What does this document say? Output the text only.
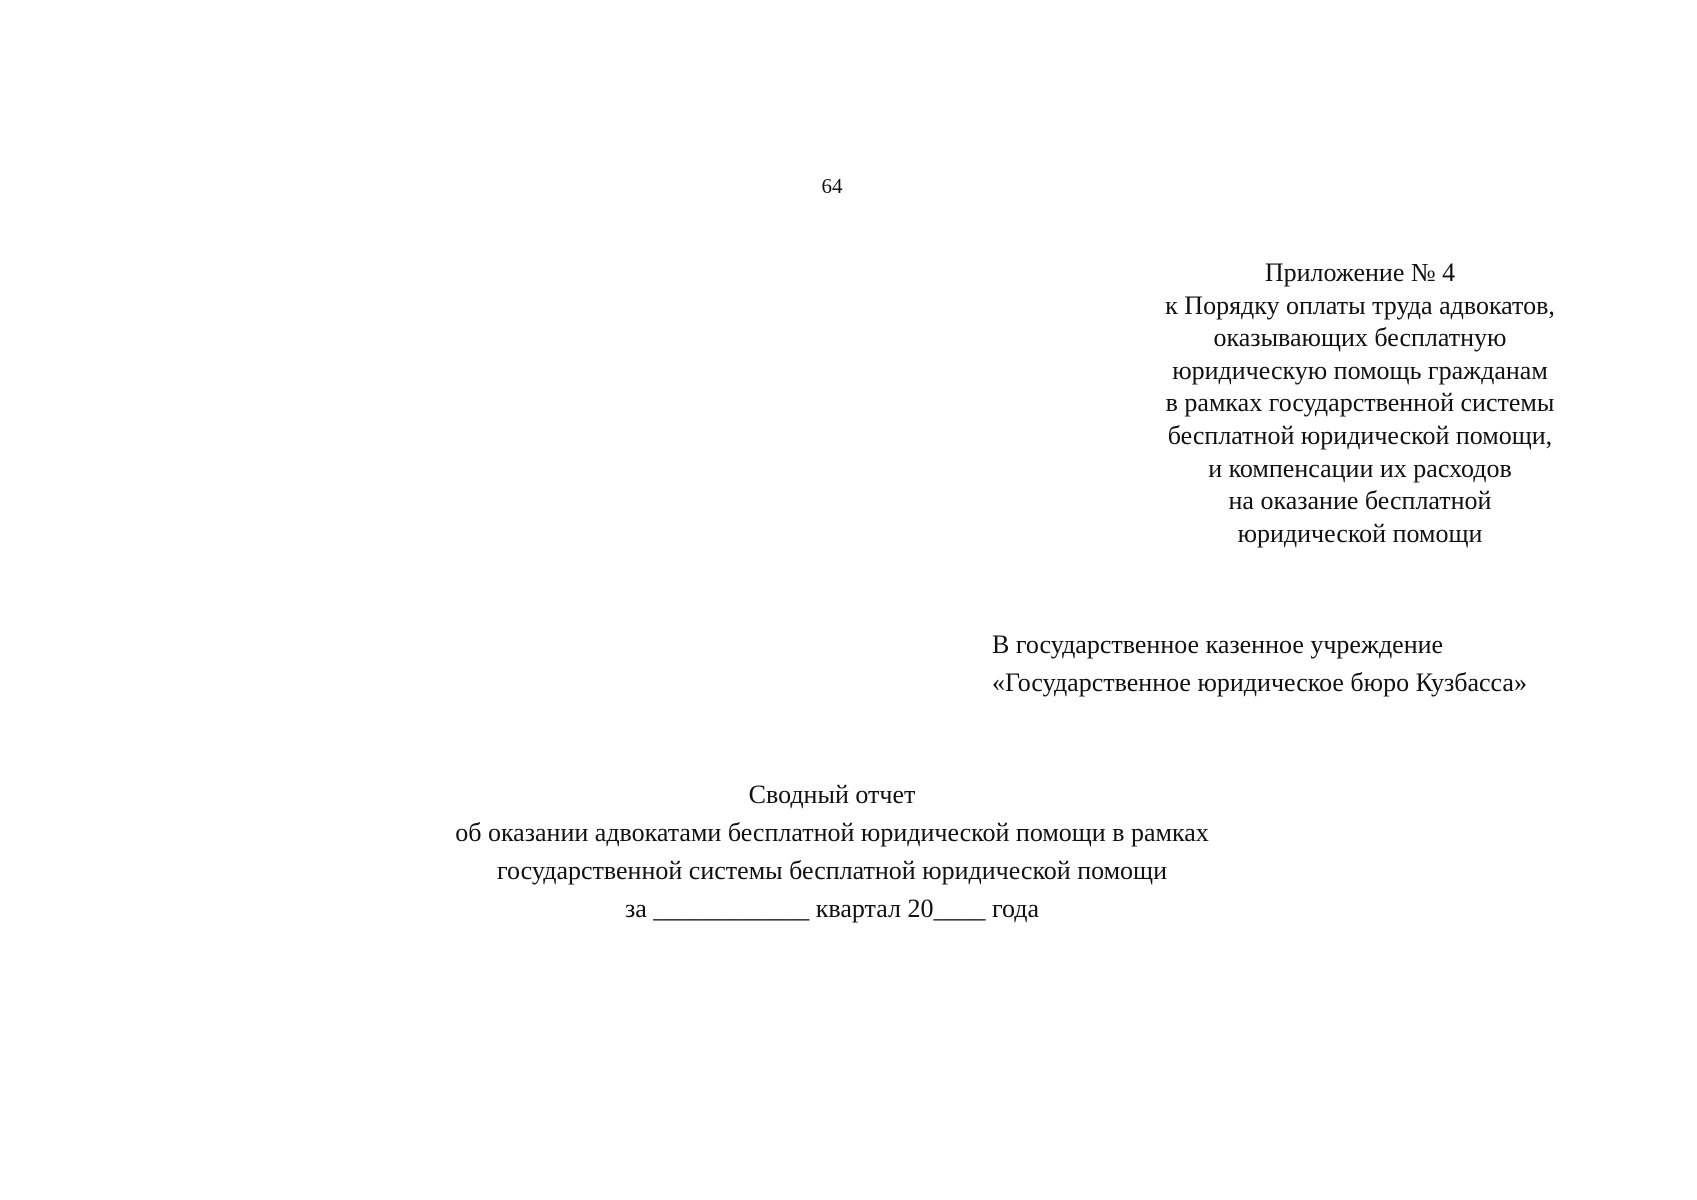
64
Приложение № 4
к Порядку оплаты труда адвокатов,
оказывающих бесплатную
юридическую помощь гражданам
в рамках государственной системы
бесплатной юридической помощи,
и компенсации их расходов
на оказание бесплатной
юридической помощи
В государственное казенное учреждение
«Государственное юридическое бюро Кузбасса»
Сводный отчет
об оказании адвокатами бесплатной юридической помощи в рамках
государственной системы бесплатной юридической помощи
за ____________ квартал 20____ года
